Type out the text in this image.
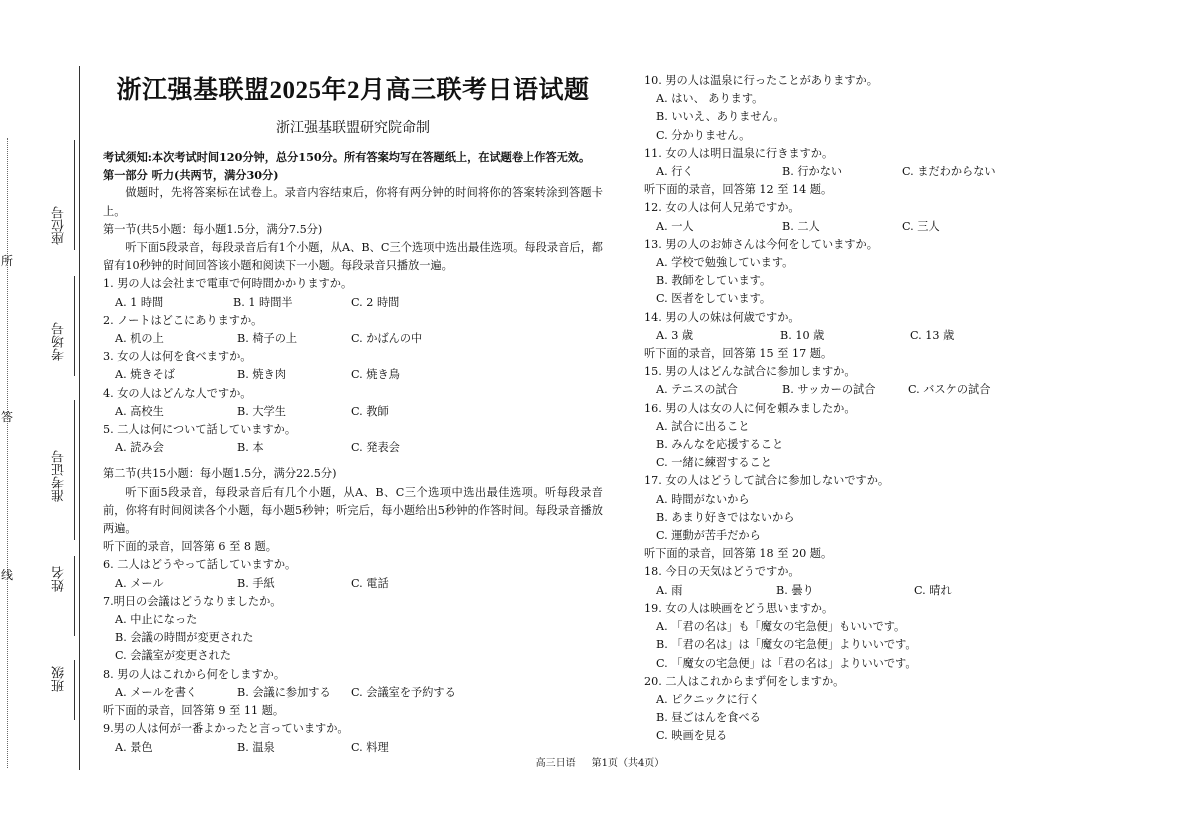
所
答
线
座位号
考场号
准考证号
姓名
班级
浙江强基联盟2025年2月高三联考日语试题
浙江强基联盟研究院命制

考试须知:本次考试时间120分钟，总分150分。所有答案均写在答题纸上，在试题卷上作答无效。

第一部分 听力(共两节，满分30分)

做题时，先将答案标在试卷上。录音内容结束后，你将有两分钟的时间将你的答案转涂到答题卡上。

第一节(共5小题：每小题1.5分，满分7.5分)

听下面5段录音，每段录音后有1个小题，从A、B、C三个选项中选出最佳选项。每段录音后，都留有10秒钟的时间回答该小题和阅读下一小题。每段录音只播放一遍。

1. 男の人は会社まで電車で何時間かかりますか。

A. 1 時間	B. 1 時間半	C. 2 時間

2. ノートはどこにありますか。

A. 机の上	B. 椅子の上	C. かばんの中

3. 女の人は何を食べますか。

A. 焼きそば	B. 焼き肉	C. 焼き鳥

4. 女の人はどんな人ですか。

A. 高校生	B. 大学生	C. 教師

5. 二人は何について話していますか。

A. 読み会	B. 本	C. 発表会

第二节(共15小题：每小题1.5分，满分22.5分)

听下面5段录音，每段录音后有几个小题，从A、B、C三个选项中选出最佳选项。听每段录音前，你将有时间阅读各个小题，每小题5秒钟；听完后，每小题给出5秒钟的作答时间。每段录音播放两遍。

听下面的录音，回答第 6 至 8 题。

6. 二人はどうやって話していますか。

A. メール	B. 手紙	C. 電話

7.明日の会議はどうなりましたか。

A. 中止になった

B. 会議の時間が変更された

C. 会議室が変更された

8. 男の人はこれから何をしますか。

A. メールを書く	B. 会議に参加する	C. 会議室を予約する

听下面的录音，回答第 9 至 11 题。

9.男の人は何が一番よかったと言っていますか。

A. 景色	B. 温泉	C. 料理

10. 男の人は温泉に行ったことがありますか。

A. はい、 あります。

B. いいえ、ありません。

C. 分かりません。

11. 女の人は明日温泉に行きますか。

A. 行く	B. 行かない	C. まだわからない

听下面的录音，回答第 12 至 14 题。

12. 女の人は何人兄弟ですか。

A. 一人	B. 二人	C. 三人

13. 男の人のお姉さんは今何をしていますか。

A. 学校で勉強しています。

B. 教師をしています。

C. 医者をしています。

14. 男の人の妹は何歳ですか。

A. 3 歳	B. 10 歳	C. 13 歳

听下面的录音，回答第 15 至 17 题。

15. 男の人はどんな試合に参加しますか。

A. テニスの試合	B. サッカーの試合	C. バスケの試合

16. 男の人は女の人に何を頼みましたか。

A. 試合に出ること

B. みんなを応援すること

C. 一緒に練習すること

17. 女の人はどうして試合に参加しないですか。

A. 時間がないから

B. あまり好きではないから

C. 運動が苦手だから

听下面的录音，回答第 18 至 20 题。

18. 今日の天気はどうですか。

A. 雨	B. 曇り	C. 晴れ

19. 女の人は映画をどう思いますか。

A. 「君の名は」も「魔女の宅急便」もいいです。

B. 「君の名は」は「魔女の宅急便」よりいいです。

C. 「魔女の宅急便」は「君の名は」よりいいです。

20. 二人はこれからまず何をしますか。

A. ピクニックに行く

B. 昼ごはんを食べる

C. 映画を見る

高三日语 第1页（共4页）
